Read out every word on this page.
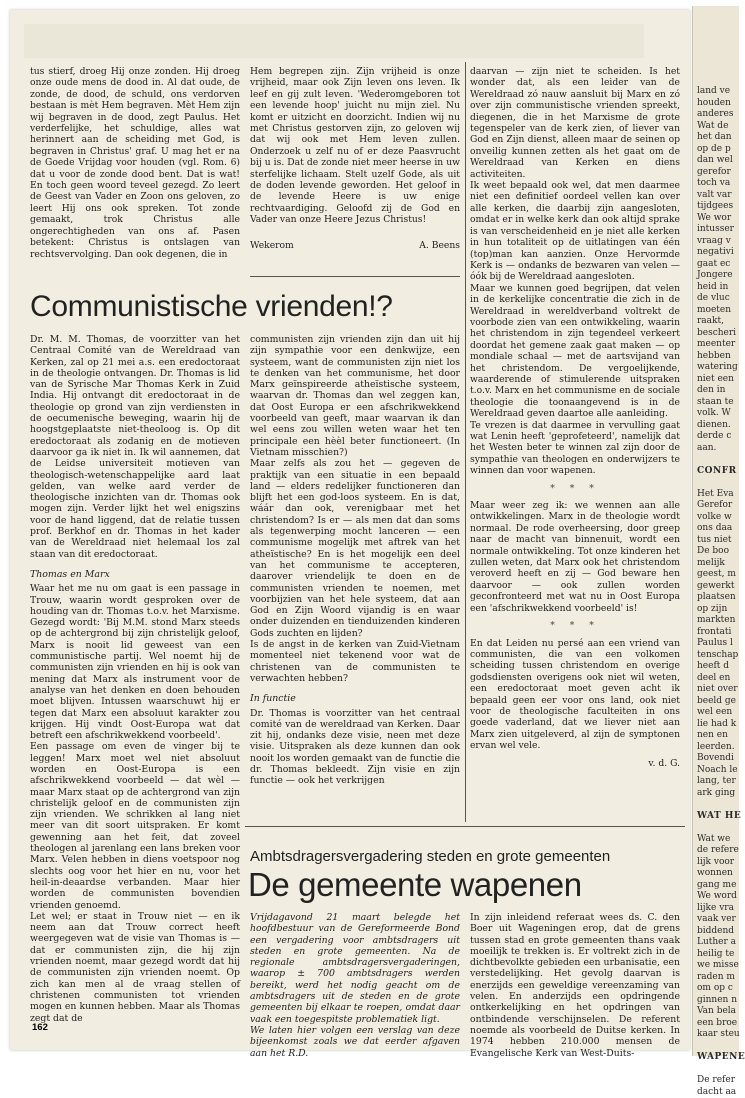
land ve
houden
anderes
Wat de
het dan
op de p
dan wel
gerefor
toch va
valt var
tijdgees
We wor
intusser
vraag v
negativi
gaat ec
Jongere
heid in
de vluc
moeten
raakt,
bescheri
meenter
hebben
watering
niet een
den in
staan te
volk. W
dienen.
derde c
aan.
CONFR
Het Eva
Gerefor
volke w
ons daa
tus niet
De boo
melijk
geest, m
gewerkt
plaatsen
op zijn
markten
frontati
Paulus l
tenschap
heeft d
deel en
niet over
beeld ge
wel een
lie had k
nen en
leerden.
Bovendi
Noach le
lang, ter
ark ging
WAT HE
Wat we
de refere
lijk voor
wonnen
gang me
We word
lijke vra
vaak ver
biddend
Luther a
heilig te
we misse
raden m
om op c
ginnen n
Van bela
een broe
kaar steu
WAPENE
De refer
dacht aa

tus stierf, droeg Hij onze zonden. Hij droeg onze oude mens de dood in. Al dat oude, de zonde, de dood, de schuld, ons verdorven bestaan is mèt Hem begraven. Mèt Hem zijn wij begraven in de dood, zegt Paulus. Het verderfelijke, het schuldige, alles wat herinnert aan de scheiding met God, is begraven in Christus' graf. U mag het er na de Goede Vrijdag voor houden (vgl. Rom. 6) dat u voor de zonde dood bent. Dat is wat! En toch geen woord teveel gezegd. Zo leert de Geest van Vader en Zoon ons geloven, zo leert Hij ons ook spreken. Tot zonde gemaakt, trok Christus alle ongerechtigheden van ons af. Pasen betekent: Christus is ontslagen van rechtsvervolging. Dan ook degenen, die in

Hem begrepen zijn. Zijn vrijheid is onze vrijheid, maar ook Zijn leven ons leven. Ik leef en gij zult leven. 'Wederomgeboren tot een levende hoop' juicht nu mijn ziel. Nu komt er uitzicht en doorzicht. Indien wij nu met Christus gestorven zijn, zo geloven wij dat wij ook met Hem leven zullen. Onderzoek u zelf nu of er deze Paasvrucht bij u is. Dat de zonde niet meer heerse in uw sterfelijke lichaam. Stelt uzelf Gode, als uit de doden levende geworden. Het geloof in de levende Heere is uw enige rechtvaardiging. Geloofd zij de God en Vader van onze Heere Jezus Christus!

Wekerom	A. Beens

daarvan — zijn niet te scheiden. Is het wonder dat, als een leider van de Wereldraad zó nauw aansluit bij Marx en zó over zijn communistische vrienden spreekt, diegenen, die in het Marxisme de grote tegenspeler van de kerk zien, of liever van God en Zijn dienst, alleen maar de seinen op onveilig kunnen zetten als het gaat om de Wereldraad van Kerken en diens activiteiten.

Ik weet bepaald ook wel, dat men daarmee niet een definitief oordeel vellen kan over alle kerken, die daarbij zijn aangesloten, omdat er in welke kerk dan ook altijd sprake is van verscheidenheid en je niet alle kerken in hun totaliteit op de uitlatingen van één (top)man kan aanzien. Onze Hervormde Kerk is — ondanks de bezwaren van velen — óók bij de Wereldraad aangesloten.

Maar we kunnen goed begrijpen, dat velen in de kerkelijke concentratie die zich in de Wereldraad in wereldverband voltrekt de voorbode zien van een ontwikkeling, waarin het christendom in zijn tegendeel verkeert doordat het gemene zaak gaat maken — op mondiale schaal — met de aartsvijand van het christendom. De vergoelijkende, waarderende of stimulerende uitspraken t.o.v. Marx en het communisme en de sociale theologie die toonaangevend is in de Wereldraad geven daartoe alle aanleiding.

Te vrezen is dat daarmee in vervulling gaat wat Lenin heeft 'geprofeteerd', namelijk dat het Westen beter te winnen zal zijn door de sympathie van theologen en onderwijzers te winnen dan voor wapenen.

* * *

Maar weer zeg ik: we wennen aan alle ontwikkelingen. Marx in de theologie wordt normaal. De rode overheersing, door greep naar de macht van binnenuit, wordt een normale ontwikkeling. Tot onze kinderen het zullen weten, dat Marx ook het christendom veroverd heeft en zij — God beware hen daarvoor — ook zullen worden geconfronteerd met wat nu in Oost Europa een 'afschrikwekkend voorbeeld' is!

* * *

En dat Leiden nu persé aan een vriend van communisten, die van een volkomen scheiding tussen christendom en overige godsdiensten overigens ook niet wil weten, een eredoctoraat moet geven acht ik bepaald geen eer voor ons land, ook niet voor de theologische faculteiten in ons goede vaderland, dat we liever niet aan Marx zien uitgeleverd, al zijn de symptonen ervan wel vele.

v. d. G.
Communistische vrienden!?

Dr. M. M. Thomas, de voorzitter van het Centraal Comité van de Wereldraad van Kerken, zal op 21 mei a.s. een eredoctoraat in de theologie ontvangen. Dr. Thomas is lid van de Syrische Mar Thomas Kerk in Zuid India. Hij ontvangt dit eredoctoraat in de theologie op grond van zijn verdiensten in de oecumenische beweging, waarin hij de hoogstgeplaatste niet-theoloog is. Op dit eredoctoraat als zodanig en de motieven daarvoor ga ik niet in. Ik wil aannemen, dat de Leidse universiteit motieven van theologisch-wetenschappelijke aard laat gelden, van welke aard verder de theologische inzichten van dr. Thomas ook mogen zijn. Verder lijkt het wel enigszins voor de hand liggend, dat de relatie tussen prof. Berkhof en dr. Thomas in het kader van de Wereldraad niet helemaal los zal staan van dit eredoctoraat.

Thomas en Marx

Waar het me nu om gaat is een passage in Trouw, waarin wordt gesproken over de houding van dr. Thomas t.o.v. het Marxisme. Gezegd wordt: 'Bij M.M. stond Marx steeds op de achtergrond bij zijn christelijk geloof, Marx is nooit lid geweest van een communistische partij. Wel noemt hij de communisten zijn vrienden en hij is ook van mening dat Marx als instrument voor de analyse van het denken en doen behouden moet blijven. Intussen waarschuwt hij er tegen dat Marx een absoluut karakter zou krijgen. Hij vindt Oost-Europa wat dat betreft een afschrikwekkend voorbeeld'.

Een passage om even de vinger bij te leggen! Marx moet wel niet absoluut worden en Oost-Europa is een afschrikwekkend voorbeeld — dat wèl — maar Marx staat op de achtergrond van zijn christelijk geloof en de communisten zijn zijn vrienden. We schrikken al lang niet meer van dit soort uitspraken. Er komt gewenning aan het feit, dat zoveel theologen al jarenlang een lans breken voor Marx. Velen hebben in diens voetspoor nog slechts oog voor het hier en nu, voor het heil-in-deaardse verbanden. Maar hier worden de communisten bovendien vrienden genoemd.

Let wel; er staat in Trouw niet — en ik neem aan dat Trouw correct heeft weergegeven wat de visie van Thomas is — dat er communisten zijn, die hij zijn vrienden noemt, maar gezegd wordt dat hij de communisten zijn vrienden noemt. Op zich kan men al de vraag stellen of christenen communisten tot vrienden mogen en kunnen hebben. Maar als Thomas zegt dat de

communisten zijn vrienden zijn dan uit hij zijn sympathie voor een denkwijze, een systeem, want de communisten zijn niet los te denken van het communisme, het door Marx geïnspireerde atheïstische systeem, waarvan dr. Thomas dan wel zeggen kan, dat Oost Europa er een afschrikwekkend voorbeeld van geeft, maar waarvan ik dan wel eens zou willen weten waar het ten principale een hèèl beter functioneert. (In Vietnam misschien?)

Maar zelfs als zou het — gegeven de praktijk van een situatie in een bepaald land — elders redelijker functioneren dan blijft het een god-loos systeem. En is dat, wáár dan ook, verenigbaar met het christendom? Is er — als men dat dan soms als tegenwerping mocht lanceren — een communisme mogelijk met aftrek van het atheïstische? En is het mogelijk een deel van het communisme te accepteren, daarover vriendelijk te doen en de communisten vrienden te noemen, met voorbijzien van het hele systeem, dat aan God en Zijn Woord vijandig is en waar onder duizenden en tienduizenden kinderen Gods zuchten en lijden?

Is de angst in de kerken van Zuid-Vietnam momenteel niet tekenend voor wat de christenen van de communisten te verwachten hebben?

In functie

Dr. Thomas is voorzitter van het centraal comité van de wereldraad van Kerken. Daar zit hij, ondanks deze visie, neen met deze visie. Uitspraken als deze kunnen dan ook nooit los worden gemaakt van de functie die dr. Thomas bekleedt. Zijn visie en zijn functie — ook het verkrijgen

Ambtsdragersvergadering steden en grote gemeenten
De gemeente wapenen

Vrijdagavond 21 maart belegde het hoofdbestuur van de Gereformeerde Bond een vergadering voor ambtsdragers uit steden en grote gemeenten. Na de regionale ambtsdragersvergaderingen, waarop ± 700 ambtsdragers werden bereikt, werd het nodig geacht om de ambtsdragers uit de steden en de grote gemeenten bij elkaar te roepen, omdat daar vaak een toegespitste problematiek ligt.

We laten hier volgen een verslag van deze bijeenkomst zoals we dat eerder afgaven aan het R.D.

In zijn inleidend referaat wees ds. C. den Boer uit Wageningen erop, dat de grens tussen stad en grote gemeenten thans vaak moeilijk te trekken is. Er voltrekt zich in de dichtbevolkte gebieden een urbanisatie, een verstedelijking. Het gevolg daarvan is enerzijds een geweldige vereenzaming van velen. En anderzijds een opdringende ontkerkelijking en het opdringen van ontbindende verschijnselen. De referent noemde als voorbeeld de Duitse kerken. In 1974 hebben 210.000 mensen de Evangelische Kerk van West-Duits-

162
